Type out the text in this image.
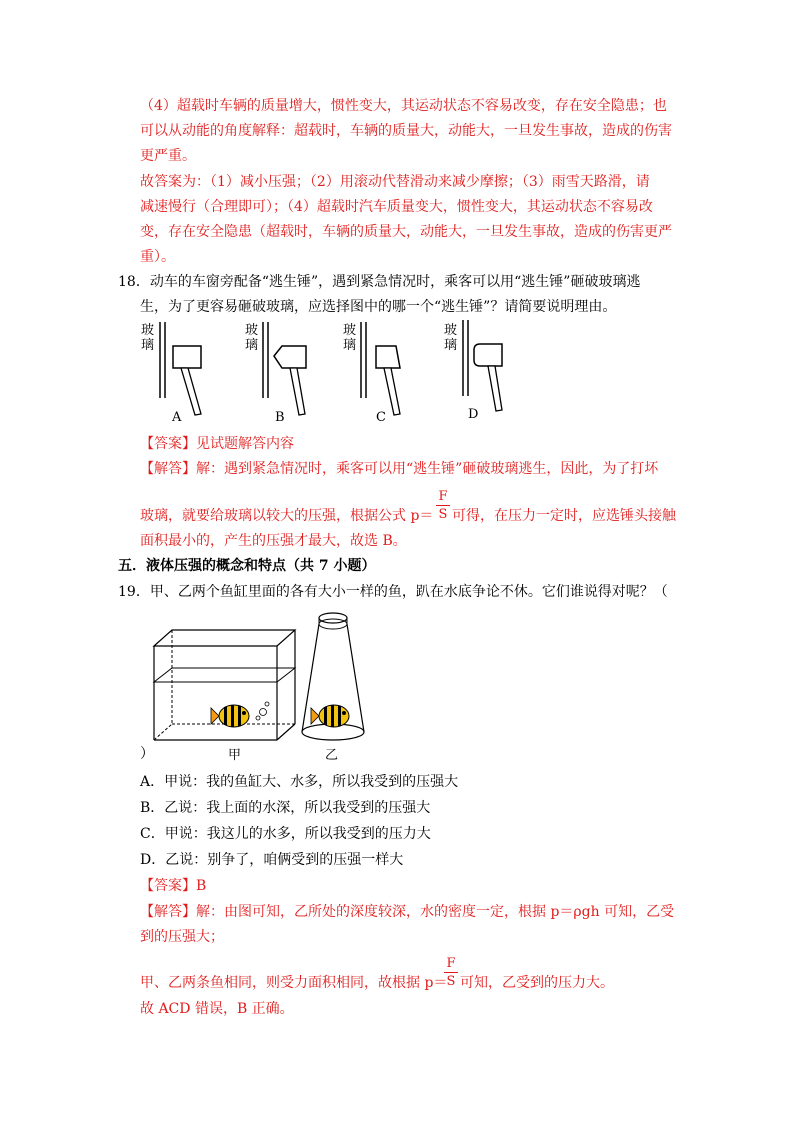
（4）超载时车辆的质量增大，惯性变大，其运动状态不容易改变，存在安全隐患；也
可以从动能的角度解释：超载时，车辆的质量大，动能大，一旦发生事故，造成的伤害
更严重。
故答案为：（1）减小压强；（2）用滚动代替滑动来减少摩擦；（3）雨雪天路滑，请
减速慢行（合理即可）；（4）超载时汽车质量变大，惯性变大，其运动状态不容易改
变，存在安全隐患（超载时，车辆的质量大，动能大，一旦发生事故，造成的伤害更严
重）。
18．动车的车窗旁配备“逃生锤”，遇到紧急情况时，乘客可以用“逃生锤”砸破玻璃逃
生，为了更容易砸破玻璃，应选择图中的哪一个“逃生锤”？请简要说明理由。
玻璃
A
玻璃
B
玻璃
C
玻璃
D
【答案】见试题解答内容
【解答】解：遇到紧急情况时，乘客可以用“逃生锤”砸破玻璃逃生，因此，为了打坏
玻璃，就要给玻璃以较大的压强，根据公式 p＝
F
S 可得，在压力一定时，应选锤头接触
面积最小的，产生的压强才最大，故选 B。
五．液体压强的概念和特点（共 7 小题）
19．甲、乙两个鱼缸里面的各有大小一样的鱼，趴在水底争论不休。它们谁说得对呢？（
甲	乙
）
A．甲说：我的鱼缸大、水多，所以我受到的压强大
B．乙说：我上面的水深，所以我受到的压强大
C．甲说：我这儿的水多，所以我受到的压力大
D．乙说：别争了，咱俩受到的压强一样大
【答案】B
【解答】解：由图可知，乙所处的深度较深，水的密度一定，根据 p＝ρgh 可知，乙受
到的压强大；
甲、乙两条鱼相同，则受力面积相同，故根据 p＝
F
S 可知，乙受到的压力大。
故 ACD 错误，B 正确。
